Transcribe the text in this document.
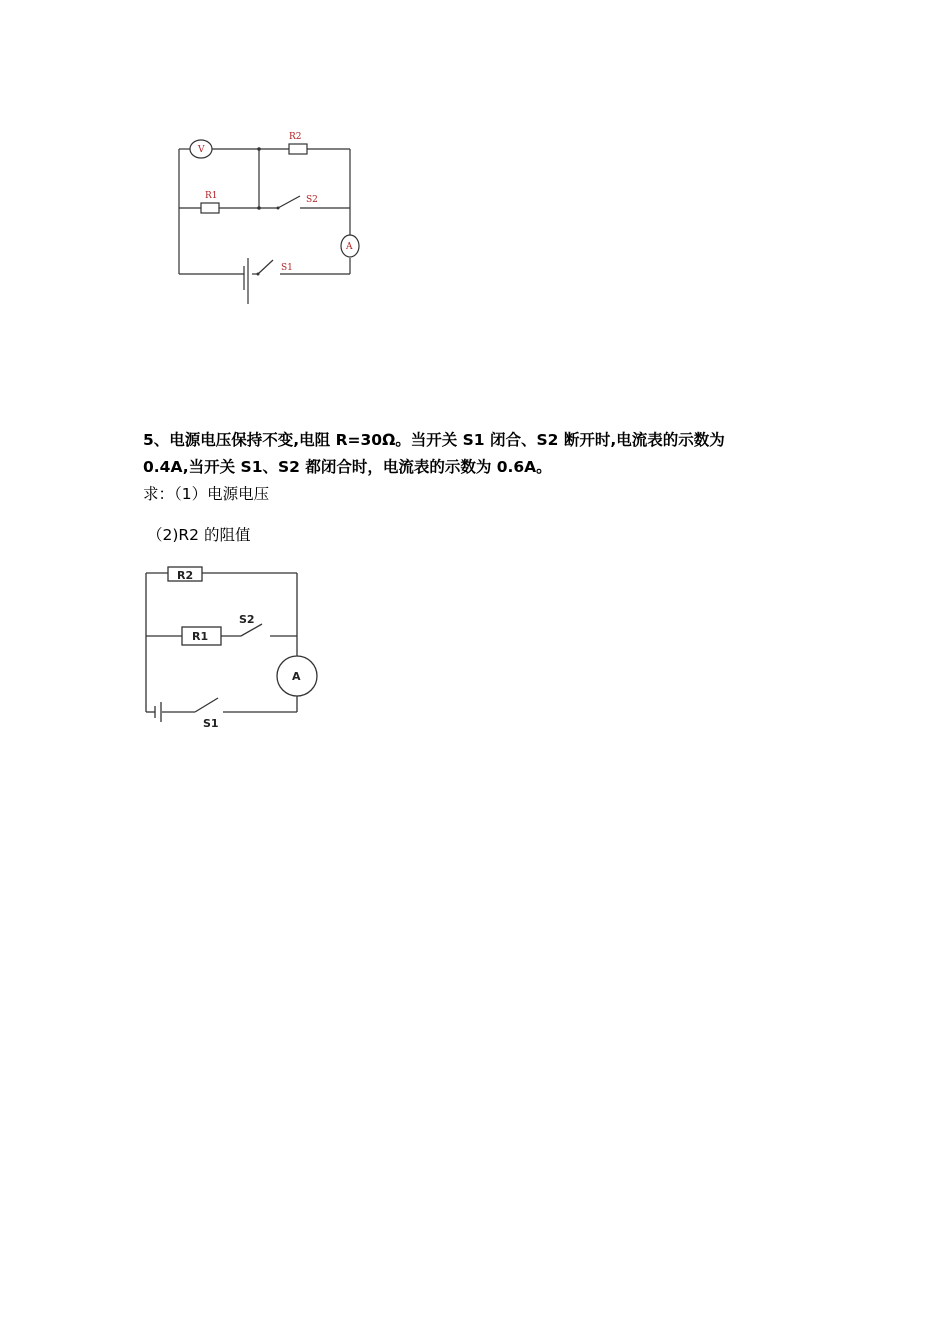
V
R2
R1	S2
A
S1
5、电源电压保持不变,电阻 R=30Ω。当开关 S1 闭合、S2 断开时,电流表的示数为
0.4A,当开关 S1、S2 都闭合时，电流表的示数为 0.6A。
求：（1）电源电压
（2)R2 的阻值
R2
R1
S2
A
S1
